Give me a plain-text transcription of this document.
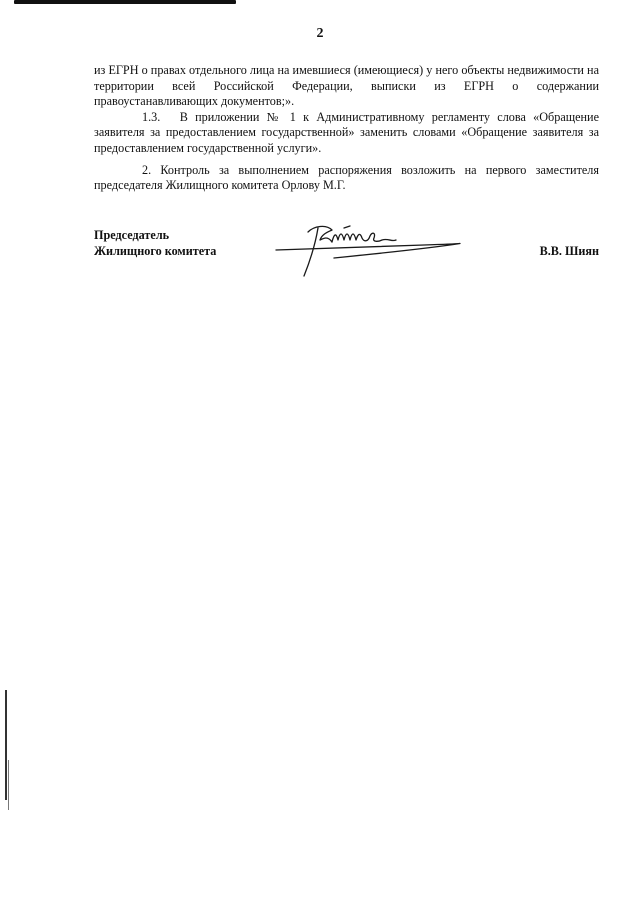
2

из ЕГРН о правах отдельного лица на имевшиеся (имеющиеся) у него объекты недвижимости на территории всей Российской Федерации, выписки из ЕГРН о содержании правоустанавливающих документов;».

1.3.  В приложении № 1 к Административному регламенту слова «Обращение заявителя за предоставлением государственной» заменить словами «Обращение заявителя за предоставлением государственной услуги».

2. Контроль за выполнением распоряжения возложить на первого заместителя председателя Жилищного комитета Орлову М.Г.

Председатель
Жилищного комитета	В.В. Шиян
